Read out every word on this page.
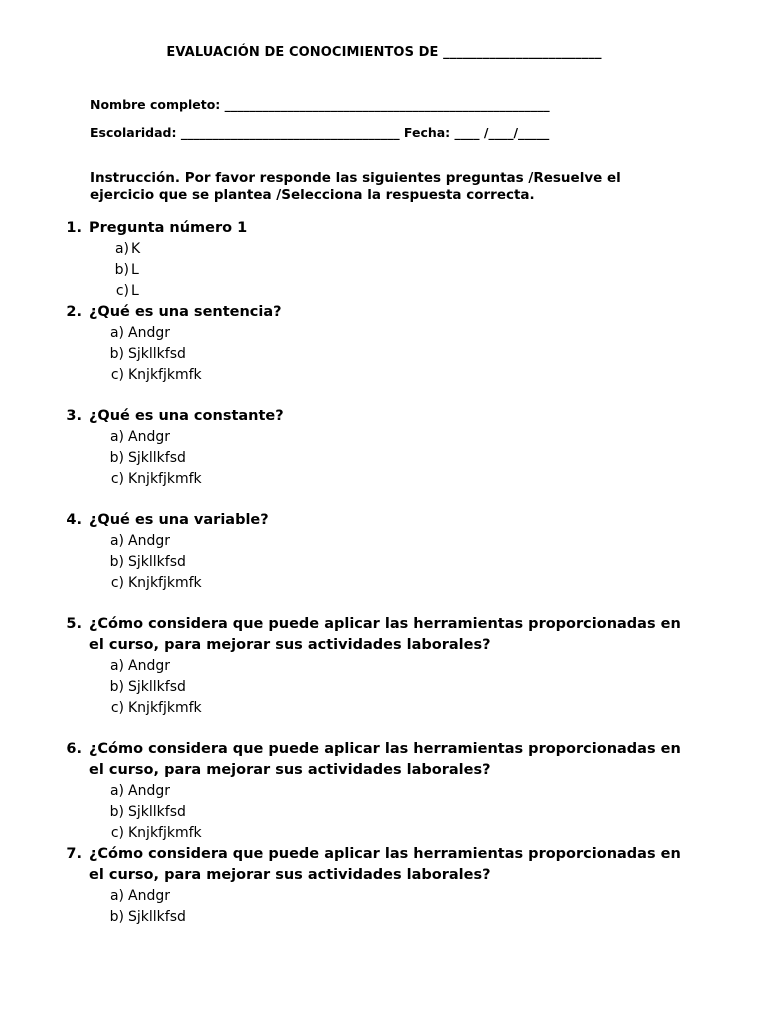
EVALUACIÓN DE CONOCIMIENTOS DE ________________________
Nombre completo: ____________________________________________________
Escolaridad: ___________________________________ Fecha: ____ /____/_____
Instrucción. Por favor responde las siguientes preguntas /Resuelve el ejercicio que se plantea /Selecciona la respuesta correcta.
1. Pregunta número 1
a) K
b) L
c) L
2. ¿Qué es una sentencia?
a) Andgr
b) Sjkllkfsd
c) Knjkfjkmfk
3. ¿Qué es una constante?
a) Andgr
b) Sjkllkfsd
c) Knjkfjkmfk
4. ¿Qué es una variable?
a) Andgr
b) Sjkllkfsd
c) Knjkfjkmfk
5. ¿Cómo considera que puede aplicar las herramientas proporcionadas en el curso, para mejorar sus actividades laborales?
a) Andgr
b) Sjkllkfsd
c) Knjkfjkmfk
6. ¿Cómo considera que puede aplicar las herramientas proporcionadas en el curso, para mejorar sus actividades laborales?
a) Andgr
b) Sjkllkfsd
c) Knjkfjkmfk
7. ¿Cómo considera que puede aplicar las herramientas proporcionadas en el curso, para mejorar sus actividades laborales?
a) Andgr
b) Sjkllkfsd
